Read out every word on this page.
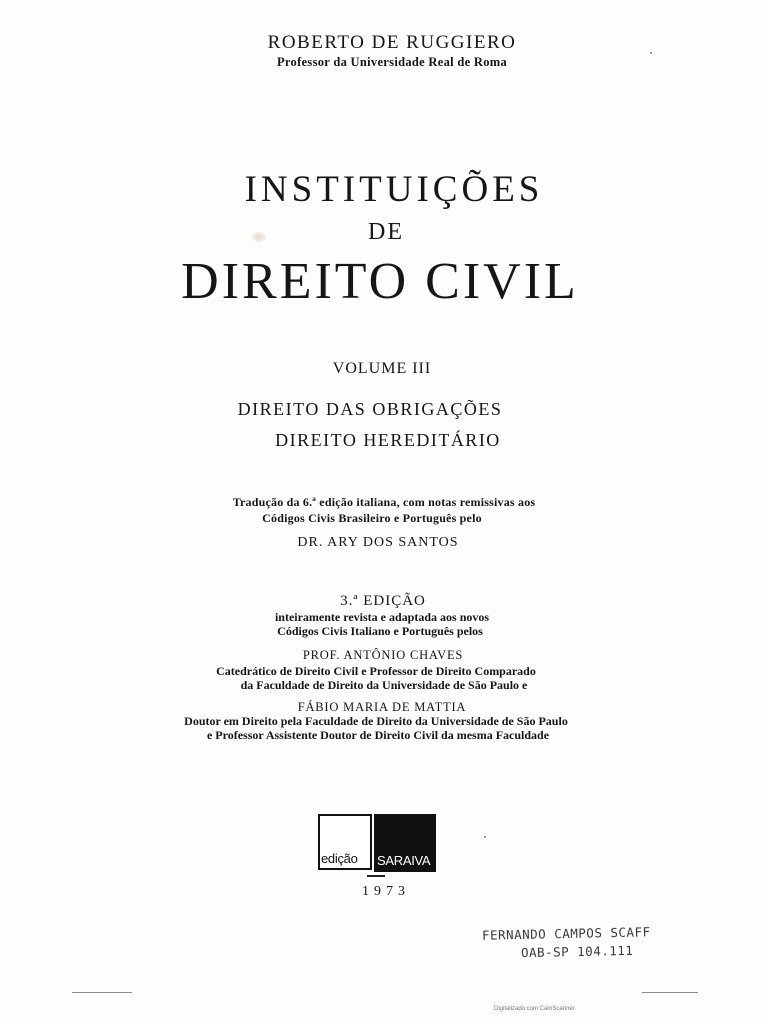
ROBERTO DE RUGGIERO

Professor da Universidade Real de Roma

INSTITUIÇÕES

DE

DIREITO CIVIL

VOLUME III

DIREITO DAS OBRIGAÇÕES

DIREITO HEREDITÁRIO

Tradução da 6.ª edição italiana, com notas remissivas aos

Códigos Civis Brasileiro e Português pelo

DR. ARY DOS SANTOS

3.ª EDIÇÃO

inteiramente revista e adaptada aos novos

Códigos Civis Italiano e Português pelos

PROF. ANTÔNIO CHAVES

Catedrático de Direito Civil e Professor de Direito Comparado

da Faculdade de Direito da Universidade de São Paulo e

FÁBIO MARIA DE MATTIA

Doutor em Direito pela Faculdade de Direito da Universidade de São Paulo

e Professor Assistente Doutor de Direito Civil da mesma Faculdade

edição SARAIVA

1973

FERNANDO CAMPOS SCAFF

OAB-SP 104.111

Digitalizado com CamScanner
